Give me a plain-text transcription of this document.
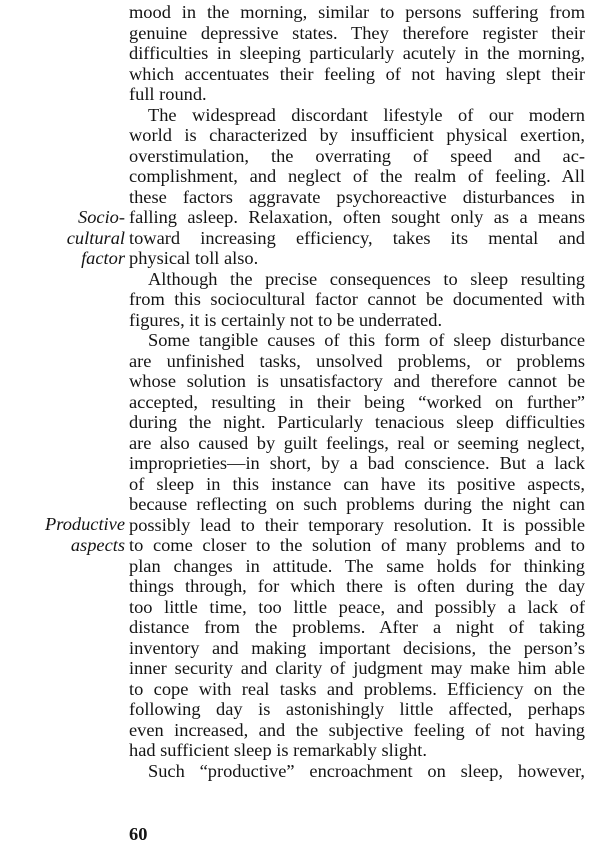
Socio-
cultural
factor
Productive
aspects
mood in the morning, similar to persons suffering from
genuine depressive states. They therefore register their
difficulties in sleeping particularly acutely in the morning,
which accentuates their feeling of not having slept their
full round.
The widespread discordant lifestyle of our modern
world is characterized by insufficient physical exertion,
overstimulation, the overrating of speed and ac-
complishment, and neglect of the realm of feeling. All
these factors aggravate psychoreactive disturbances in
falling asleep. Relaxation, often sought only as a means
toward increasing efficiency, takes its mental and
physical toll also.
Although the precise consequences to sleep resulting
from this sociocultural factor cannot be documented with
figures, it is certainly not to be underrated.
Some tangible causes of this form of sleep disturbance
are unfinished tasks, unsolved problems, or problems
whose solution is unsatisfactory and therefore cannot be
accepted, resulting in their being “worked on further”
during the night. Particularly tenacious sleep difficulties
are also caused by guilt feelings, real or seeming neglect,
improprieties—in short, by a bad conscience. But a lack
of sleep in this instance can have its positive aspects,
because reflecting on such problems during the night can
possibly lead to their temporary resolution. It is possible
to come closer to the solution of many problems and to
plan changes in attitude. The same holds for thinking
things through, for which there is often during the day
too little time, too little peace, and possibly a lack of
distance from the problems. After a night of taking
inventory and making important decisions, the person’s
inner security and clarity of judgment may make him able
to cope with real tasks and problems. Efficiency on the
following day is astonishingly little affected, perhaps
even increased, and the subjective feeling of not having
had sufficient sleep is remarkably slight.
Such “productive” encroachment on sleep, however,
60
